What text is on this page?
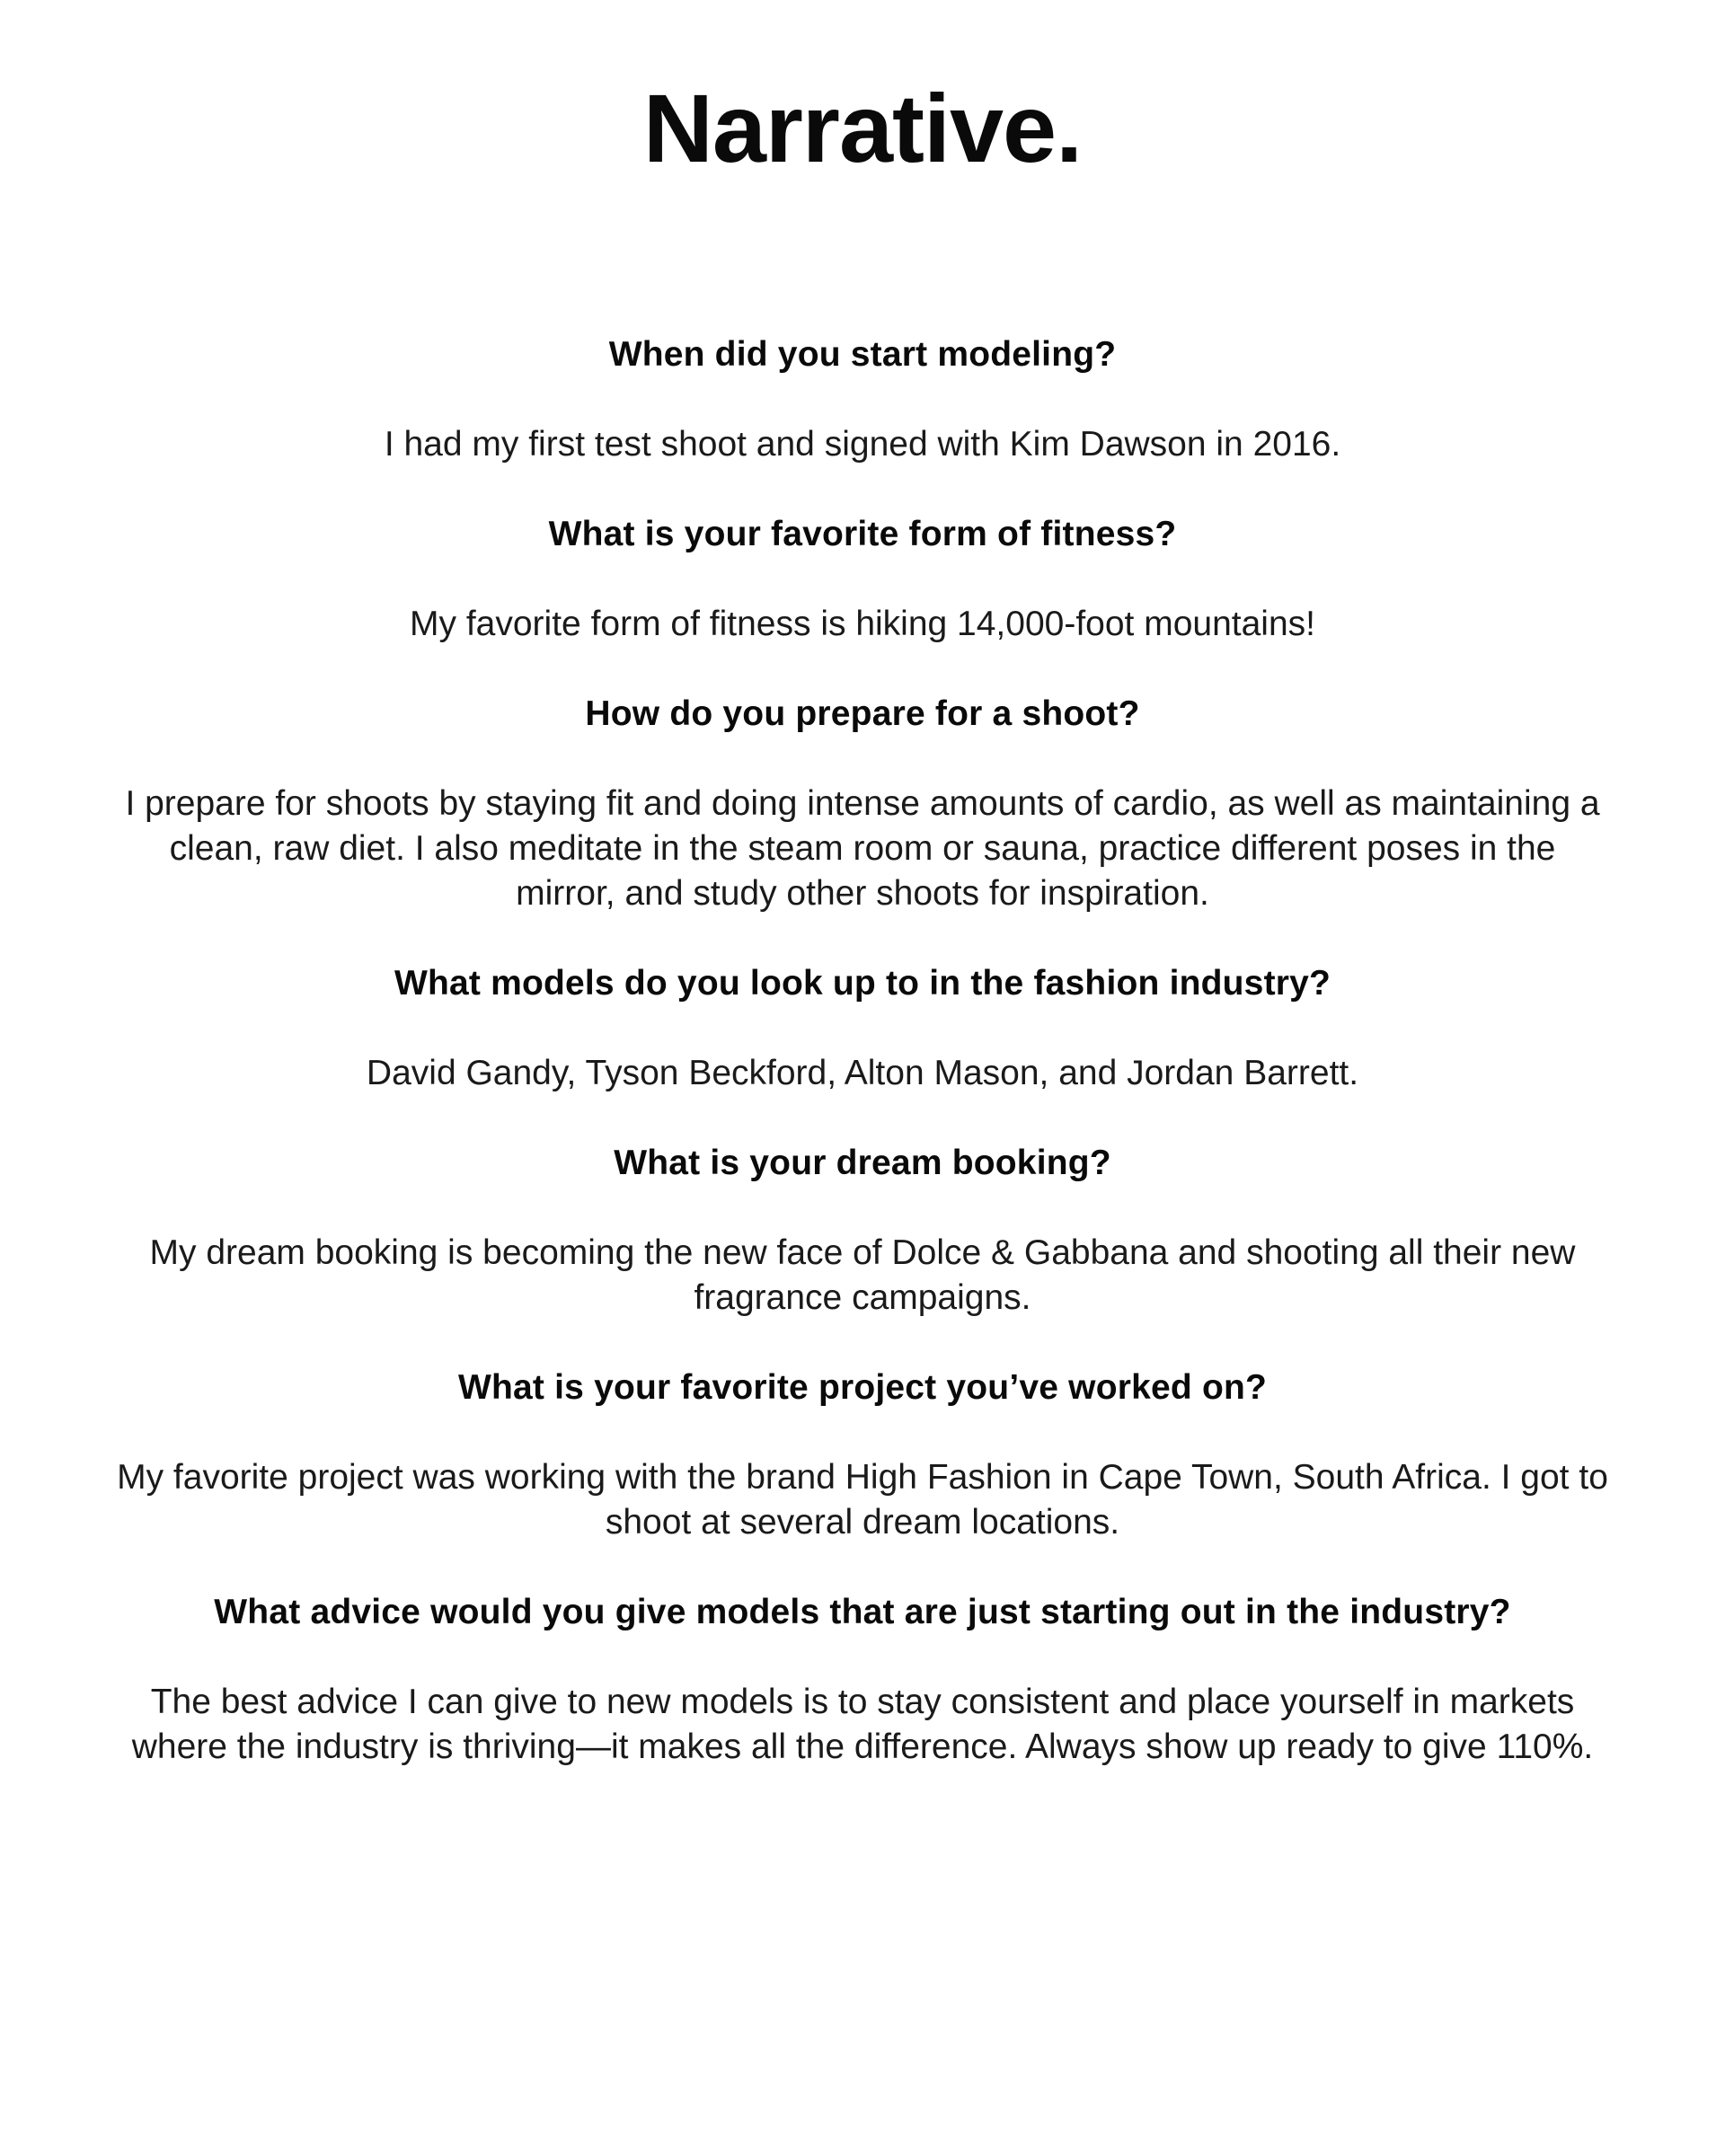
Narrative.

When did you start modeling?

I had my first test shoot and signed with Kim Dawson in 2016.

What is your favorite form of fitness?

My favorite form of fitness is hiking 14,000-foot mountains!

How do you prepare for a shoot?

I prepare for shoots by staying fit and doing intense amounts of cardio, as well as maintaining a clean, raw diet. I also meditate in the steam room or sauna, practice different poses in the mirror, and study other shoots for inspiration.

What models do you look up to in the fashion industry?

David Gandy, Tyson Beckford, Alton Mason, and Jordan Barrett.

What is your dream booking?

My dream booking is becoming the new face of Dolce & Gabbana and shooting all their new fragrance campaigns.

What is your favorite project you’ve worked on?

My favorite project was working with the brand High Fashion in Cape Town, South Africa. I got to shoot at several dream locations.

What advice would you give models that are just starting out in the industry?

The best advice I can give to new models is to stay consistent and place yourself in markets where the industry is thriving—it makes all the difference. Always show up ready to give 110%.
